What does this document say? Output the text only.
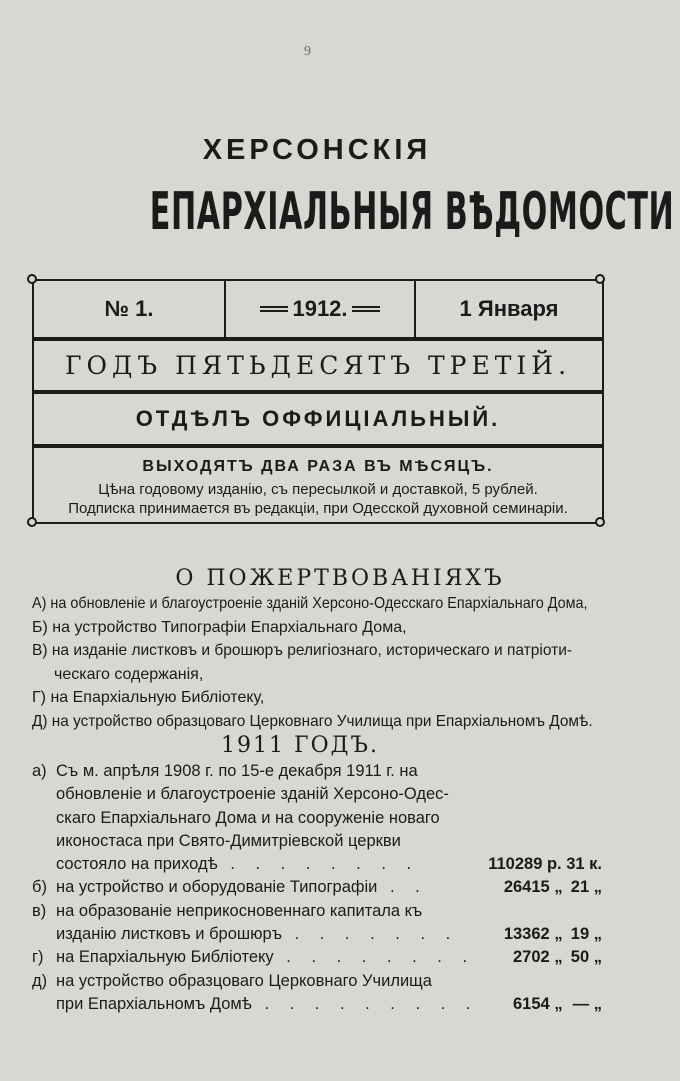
9
ХЕРСОНСКІЯ
ЕПАРХІАЛЬНЫЯ ВѢДОМОСТИ
№ 1.	1912.	1 Января
ГОДЪ ПЯТЬДЕСЯТЪ ТРЕТІЙ.
ОТДѢЛЪ ОФФИЦІАЛЬНЫЙ.
ВЫХОДЯТЪ ДВА РАЗА ВЪ МѢСЯЦЪ.
Цѣна годовому изданію, съ пересылкой и доставкой, 5 рублей.
Подписка принимается въ редакціи, при Одесской духовной семинаріи.
О ПОЖЕРТВОВАНІЯХЪ
А) на обновленіе и благоустроеніе зданій Херсоно-Одесскаго Епархіальнаго Дома,
Б) на устройство Типографіи Епархіальнаго Дома,
В) на изданіе листковъ и брошюръ религіознаго, историческаго и патріоти-
ческаго содержанія,
Г) на Епархіальную Библіотеку,
Д) на устройство образцоваго Церковнаго Училища при Епархіальномъ Домѣ.
1911 ГОДЪ.
а) Съ м. апрѣля 1908 г. по 15-е декабря 1911 г. на
обновленіе и благоустроеніе зданій Херсоно-Одес-
скаго Епархіальнаго Дома и на сооруженіе новаго
иконостаса при Свято-Димитріевской церкви
состояло на приходѣ . . . . . . . .	110289 р. 31 к.
б) на устройство и оборудованіе Типографіи . .	26415 „ 21 „
в) на образованіе неприкосновеннаго капитала къ
изданію листковъ и брошюръ . . . . . . .	13362 „ 19 „
г) на Епархіальную Библіотеку . . . . . . . .	2702 „ 50 „
д) на устройство образцоваго Церковнаго Училища
при Епархіальномъ Домѣ . . . . . . . . .	6154 „ — „
